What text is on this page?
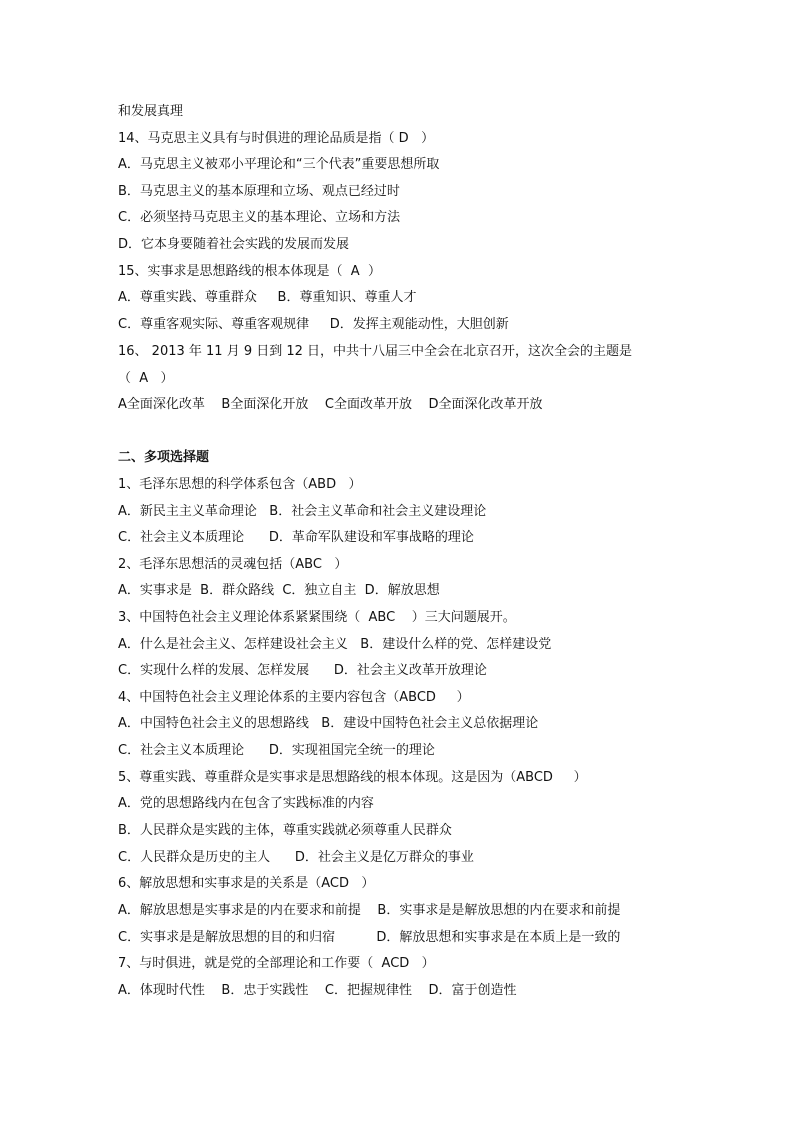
和发展真理

14、马克思主义具有与时俱进的理论品质是指（ D   ）

A．马克思主义被邓小平理论和“三个代表”重要思想所取

B．马克思主义的基本原理和立场、观点已经过时

C．必须坚持马克思主义的基本理论、立场和方法

D．它本身要随着社会实践的发展而发展

15、实事求是思想路线的根本体现是（  A  ）

A．尊重实践、尊重群众     B．尊重知识、尊重人才

C．尊重客观实际、尊重客观规律     D．发挥主观能动性，大胆创新

16、 2013 年 11 月 9 日到 12 日，中共十八届三中全会在北京召开，这次全会的主题是

（  A   ）

A全面深化改革    B全面深化开放    C全面改革开放    D全面深化改革开放

二、多项选择题

1、毛泽东思想的科学体系包含（ABD   ）

A．新民主主义革命理论   B．社会主义革命和社会主义建设理论

C．社会主义本质理论      D．革命军队建设和军事战略的理论

2、毛泽东思想活的灵魂包括（ABC   ）

A．实事求是  B．群众路线  C．独立自主  D．解放思想

3、中国特色社会主义理论体系紧紧围绕（  ABC    ）三大问题展开。

A．什么是社会主义、怎样建设社会主义   B．建设什么样的党、怎样建设党

C．实现什么样的发展、怎样发展      D．社会主义改革开放理论

4、中国特色社会主义理论体系的主要内容包含（ABCD     ）

A．中国特色社会主义的思想路线   B．建设中国特色社会主义总依据理论

C．社会主义本质理论      D．实现祖国完全统一的理论

5、尊重实践、尊重群众是实事求是思想路线的根本体现。这是因为（ABCD     ）

A．党的思想路线内在包含了实践标准的内容

B．人民群众是实践的主体，尊重实践就必须尊重人民群众

C．人民群众是历史的主人      D．社会主义是亿万群众的事业

6、解放思想和实事求是的关系是（ACD   ）

A．解放思想是实事求是的内在要求和前提    B．实事求是是解放思想的内在要求和前提

C．实事求是是解放思想的目的和归宿          D．解放思想和实事求是在本质上是一致的

7、与时俱进，就是党的全部理论和工作要（  ACD   ）

A．体现时代性    B．忠于实践性    C．把握规律性    D．富于创造性
